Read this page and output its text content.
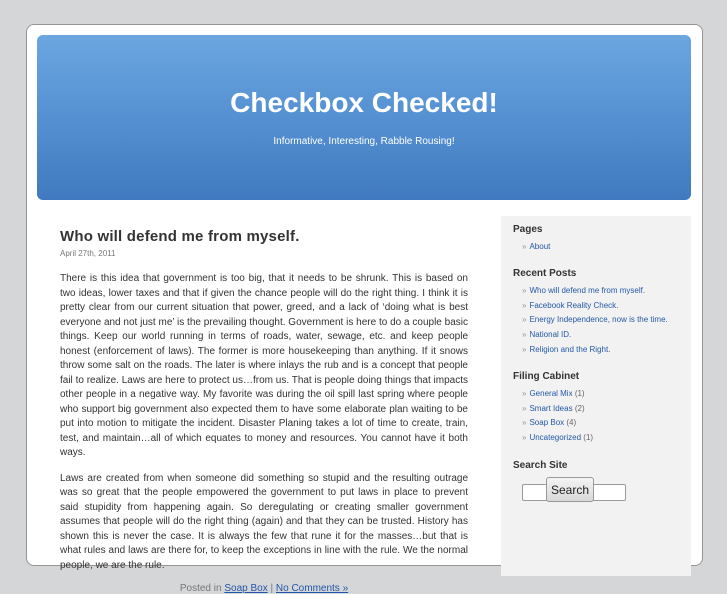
Checkbox Checked!
Informative, Interesting, Rabble Rousing!
Pages
» About
Recent Posts
» Who will defend me from myself.
» Facebook Reality Check.
» Energy Independence, now is the time.
» National ID.
» Religion and the Right.
Filing Cabinet
» General Mix (1)
» Smart Ideas (2)
» Soap Box (4)
» Uncategorized (1)
Search Site
Who will defend me from myself.
April 27th, 2011

There is this idea that government is too big, that it needs to be shrunk. This is based on two ideas, lower taxes and that if given the chance people will do the right thing. I think it is pretty clear from our current situation that power, greed, and a lack of ‘doing what is best everyone and not just me’ is the prevailing thought. Government is here to do a couple basic things. Keep our world running in terms of roads, water, sewage, etc. and keep people honest (enforcement of laws). The former is more housekeeping than anything. If it snows throw some salt on the roads. The later is where inlays the rub and is a concept that people fail to realize. Laws are here to protect us…from us. That is people doing things that impacts other people in a negative way. My favorite was during the oil spill last spring where people who support big government also expected them to have some elaborate plan waiting to be put into motion to mitigate the incident. Disaster Planing takes a lot of time to create, train, test, and maintain…all of which equates to money and resources. You cannot have it both ways.

Laws are created from when someone did something so stupid and the resulting outrage was so great that the people empowered the government to put laws in place to prevent said stupidity from happening again. So deregulating or creating smaller government assumes that people will do the right thing (again) and that they can be trusted. History has shown this is never the case. It is always the few that rune it for the masses…but that is what rules and laws are there for, to keep the exceptions in line with the rule. We the normal people, we are the rule.

Posted in Soap Box | No Comments »
Search
